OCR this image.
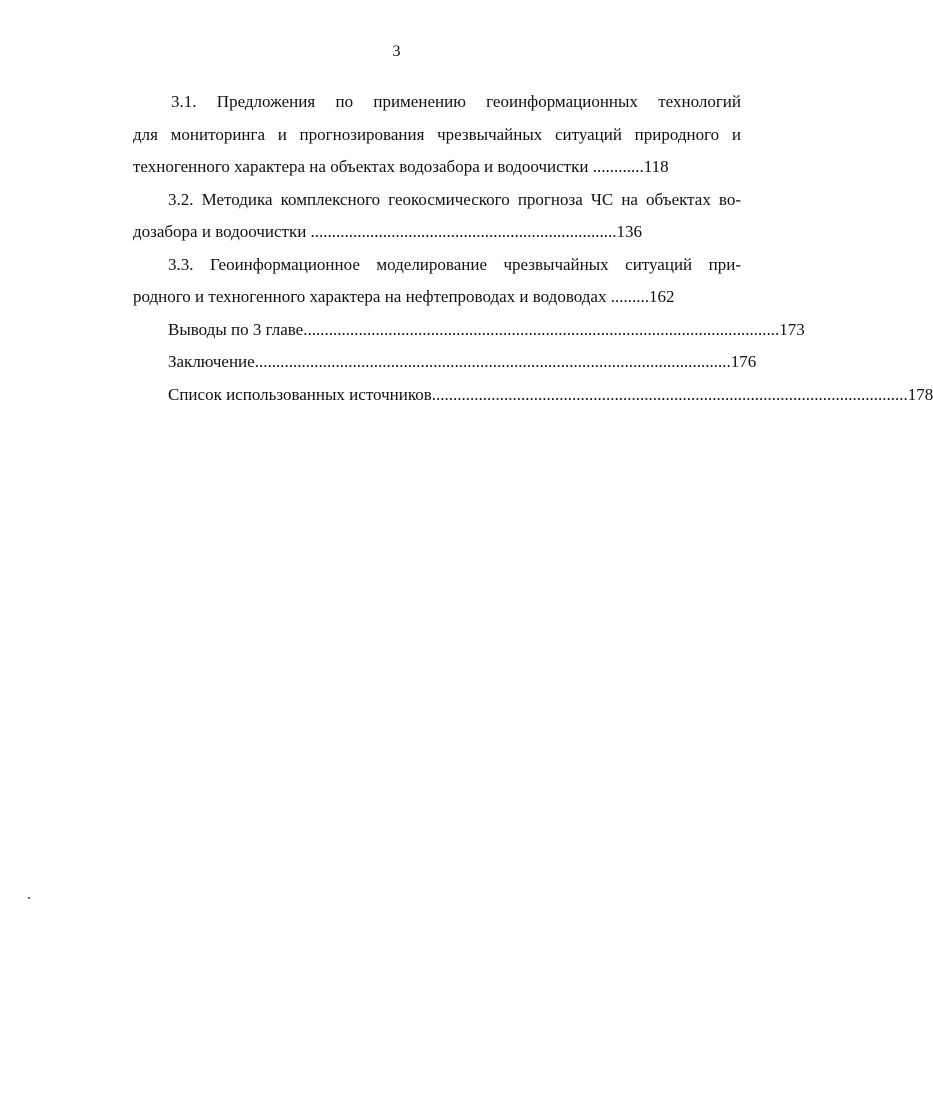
3
3.1. Предложения по применению геоинформационных технологий
для мониторинга и прогнозирования чрезвычайных ситуаций природного и
техногенного характера на объектах водозабора и водоочистки ............118
3.2. Методика комплексного геокосмического прогноза ЧС на объектах во-
дозабора и водоочистки ........................................................................136
3.3. Геоинформационное моделирование чрезвычайных ситуаций при-
родного и техногенного характера на нефтепроводах и водоводах .........162
Выводы по 3 главе ................................................................................................................ 173
Заключение ................................................................................................................ 176
Список использованных источников ................................................................................................................ 178
